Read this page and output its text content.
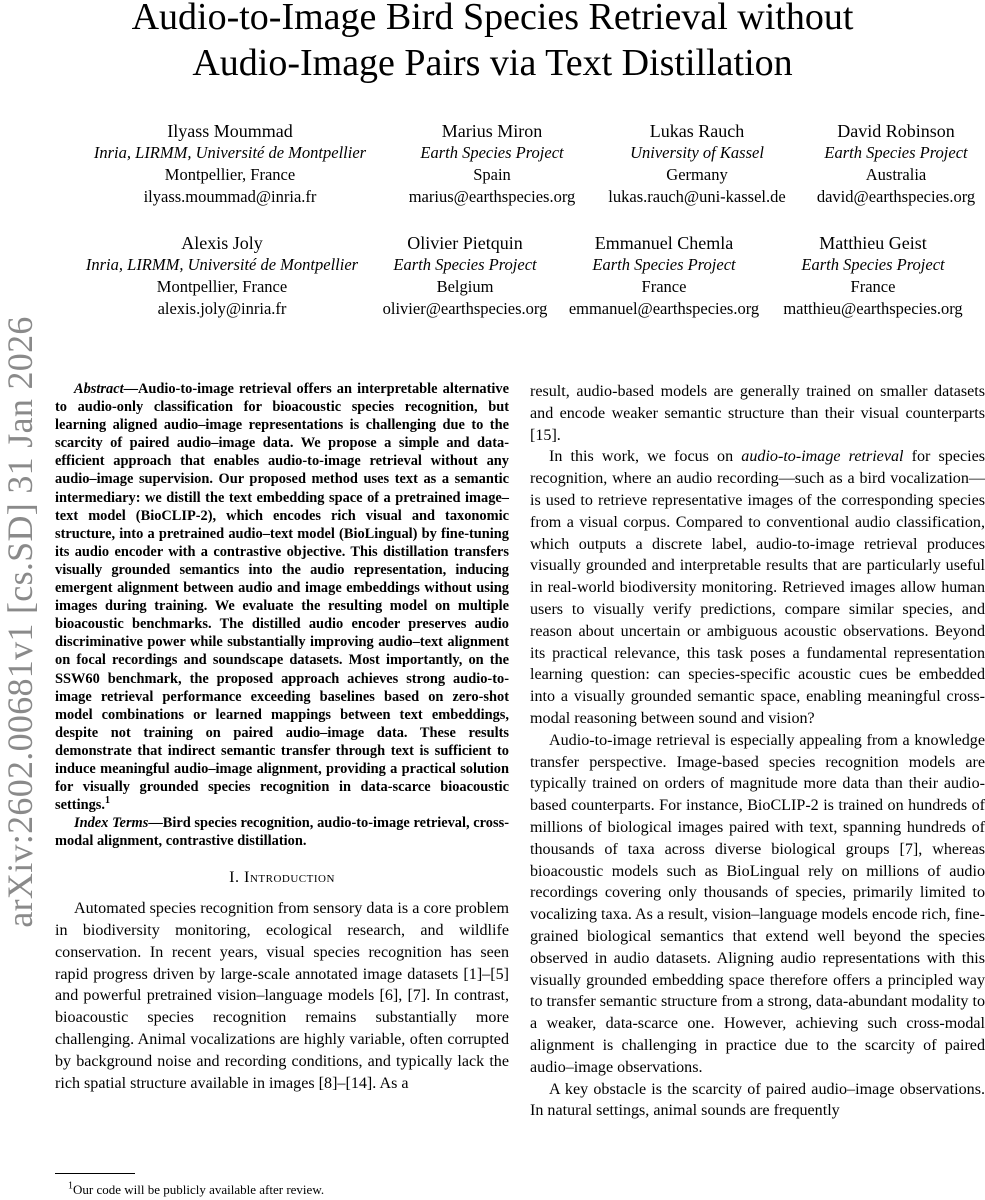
Audio-to-Image Bird Species Retrieval without
Audio-Image Pairs via Text Distillation
Ilyass Moummad
Inria, LIRMM, Université de Montpellier
Montpellier, France
ilyass.moummad@inria.fr
Marius Miron
Earth Species Project
Spain
marius@earthspecies.org
Lukas Rauch
University of Kassel
Germany
lukas.rauch@uni-kassel.de
David Robinson
Earth Species Project
Australia
david@earthspecies.org
Alexis Joly
Inria, LIRMM, Université de Montpellier
Montpellier, France
alexis.joly@inria.fr
Olivier Pietquin
Earth Species Project
Belgium
olivier@earthspecies.org
Emmanuel Chemla
Earth Species Project
France
emmanuel@earthspecies.org
Matthieu Geist
Earth Species Project
France
matthieu@earthspecies.org
arXiv:2602.00681v1 [cs.SD] 31 Jan 2026	Abstract—Audio-to-image retrieval offers an interpretable alternative to audio-only classification for bioacoustic species recognition, but learning aligned audio–image representations is challenging due to the scarcity of paired audio–image data. We propose a simple and data-efficient approach that enables audio-to-image retrieval without any audio–image supervision. Our proposed method uses text as a semantic intermediary: we distill the text embedding space of a pretrained image–text model (BioCLIP-2), which encodes rich visual and taxonomic structure, into a pretrained audio–text model (BioLingual) by fine-tuning its audio encoder with a contrastive objective. This distillation transfers visually grounded semantics into the audio representation, inducing emergent alignment between audio and image embeddings without using images during training. We evaluate the resulting model on multiple bioacoustic benchmarks. The distilled audio encoder preserves audio discriminative power while substantially improving audio–text alignment on focal recordings and soundscape datasets. Most importantly, on the SSW60 benchmark, the proposed approach achieves strong audio-to-image retrieval performance exceeding baselines based on zero-shot model combinations or learned mappings between text embeddings, despite not training on paired audio–image data. These results demonstrate that indirect semantic transfer through text is sufficient to induce meaningful audio–image alignment, providing a practical solution for visually grounded species recognition in data-scarce bioacoustic settings.$^1$

Index Terms—Bird species recognition, audio-to-image retrieval, cross-modal alignment, contrastive distillation.

I. Introduction

Automated species recognition from sensory data is a core problem in biodiversity monitoring, ecological research, and wildlife conservation. In recent years, visual species recognition has seen rapid progress driven by large-scale annotated image datasets [1]–[5] and powerful pretrained vision–language models [6], [7]. In contrast, bioacoustic species recognition remains substantially more challenging. Animal vocalizations are highly variable, often corrupted by background noise and recording conditions, and typically lack the rich spatial structure available in images [8]–[14]. As a

result, audio-based models are generally trained on smaller datasets and encode weaker semantic structure than their visual counterparts [15].

In this work, we focus on audio-to-image retrieval for species recognition, where an audio recording—such as a bird vocalization—is used to retrieve representative images of the corresponding species from a visual corpus. Compared to conventional audio classification, which outputs a discrete label, audio-to-image retrieval produces visually grounded and interpretable results that are particularly useful in real-world biodiversity monitoring. Retrieved images allow human users to visually verify predictions, compare similar species, and reason about uncertain or ambiguous acoustic observations. Beyond its practical relevance, this task poses a fundamental representation learning question: can species-specific acoustic cues be embedded into a visually grounded semantic space, enabling meaningful cross-modal reasoning between sound and vision?

Audio-to-image retrieval is especially appealing from a knowledge transfer perspective. Image-based species recognition models are typically trained on orders of magnitude more data than their audio-based counterparts. For instance, BioCLIP-2 is trained on hundreds of millions of biological images paired with text, spanning hundreds of thousands of taxa across diverse biological groups [7], whereas bioacoustic models such as BioLingual rely on millions of audio recordings covering only thousands of species, primarily limited to vocalizing taxa. As a result, vision–language models encode rich, fine-grained biological semantics that extend well beyond the species observed in audio datasets. Aligning audio representations with this visually grounded embedding space therefore offers a principled way to transfer semantic structure from a strong, data-abundant modality to a weaker, data-scarce one. However, achieving such cross-modal alignment is challenging in practice due to the scarcity of paired audio–image observations.

A key obstacle is the scarcity of paired audio–image observations. In natural settings, animal sounds are frequently

$^1$Our code will be publicly available after review.
